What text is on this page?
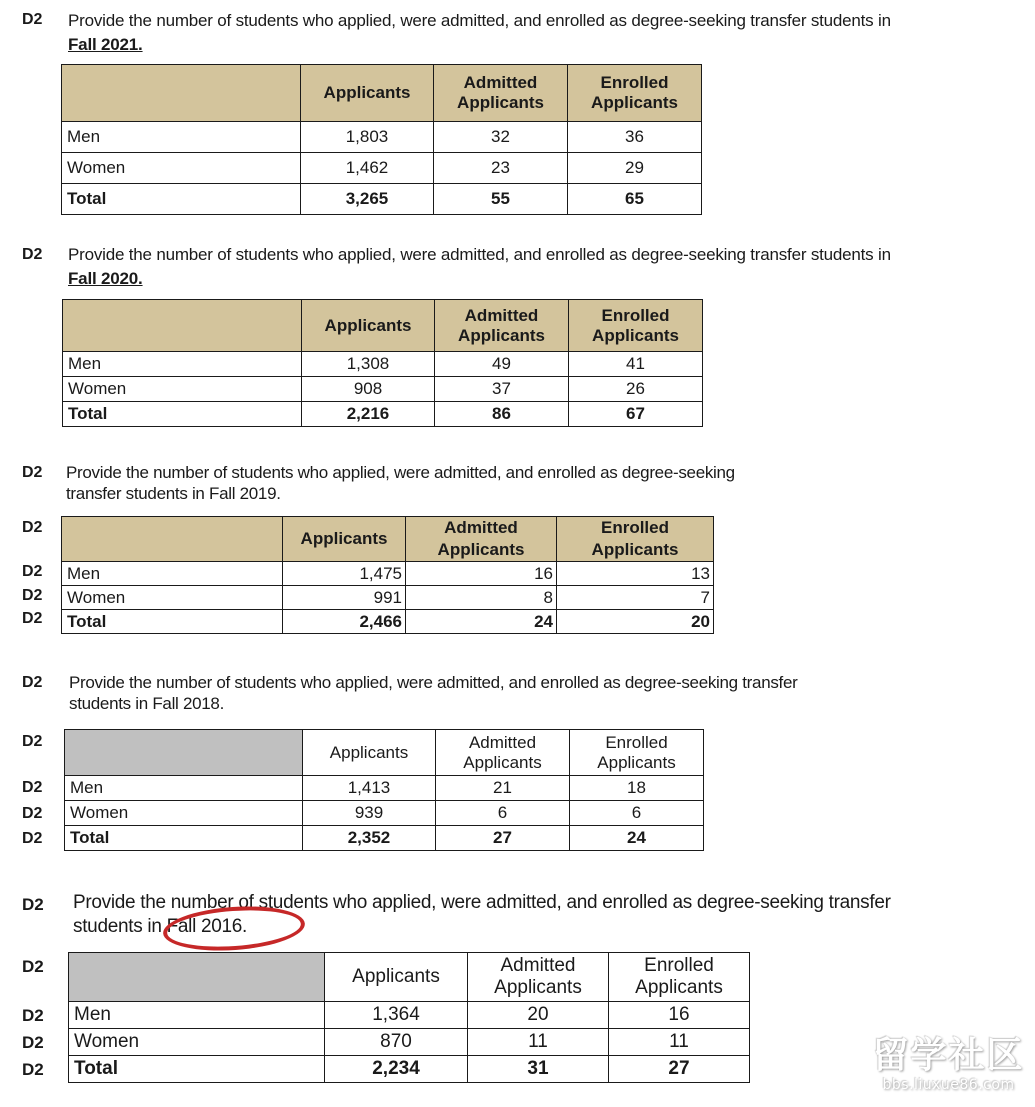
D2 Provide the number of students who applied, were admitted, and enrolled as degree-seeking transfer students in Fall 2021.
	Applicants	Admitted Applicants	Enrolled Applicants
Men	1,803	32	36
Women	1,462	23	29
Total	3,265	55	65
D2 Provide the number of students who applied, were admitted, and enrolled as degree-seeking transfer students in Fall 2020.
	Applicants	Admitted Applicants	Enrolled Applicants
Men	1,308	49	41
Women	908	37	26
Total	2,216	86	67
D2 Provide the number of students who applied, were admitted, and enrolled as degree-seeking
transfer students in Fall 2019.
D2
D2
D2
D2
	Applicants	Admitted Applicants	Enrolled Applicants
Men	1,475	16	13
Women	991	8	7
Total	2,466	24	20
D2 Provide the number of students who applied, were admitted, and enrolled as degree-seeking transfer
students in Fall 2018.
D2
D2
D2
D2
	Applicants	Admitted Applicants	Enrolled Applicants
Men	1,413	21	18
Women	939	6	6
Total	2,352	27	24
D2 Provide the number of students who applied, were admitted, and enrolled as degree-seeking transfer
students in Fall 2016.
D2
D2
D2
D2
	Applicants	Admitted Applicants	Enrolled Applicants
Men	1,364	20	16
Women	870	11	11
Total	2,234	31	27	留学社区
bbs.liuxue86.com
